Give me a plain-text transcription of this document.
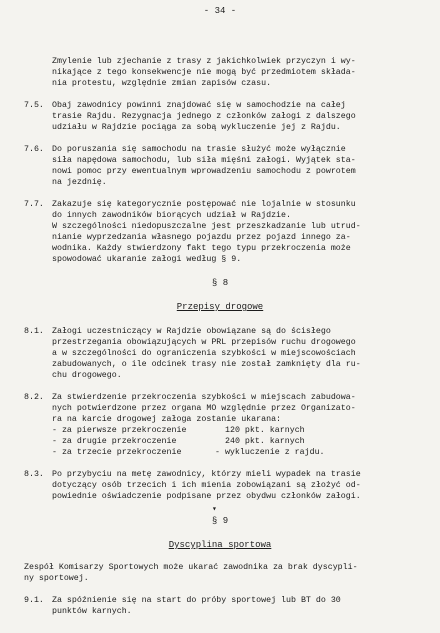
- 34 -
Zmylenie lub zjechanie z trasy z jakichkolwiek przyczyn i wy-
nikające z tego konsekwencje nie mogą być przedmiotem składa-
nia protestu, względnie zmian zapisów czasu.
7.5. Obaj zawodnicy powinni znajdować się w samochodzie na całej
trasie Rajdu. Rezygnacja jednego z członków załogi z dalszego
udziału w Rajdzie pociąga za sobą wykluczenie jej z Rajdu.
7.6. Do poruszania się samochodu na trasie służyć może wyłącznie
siła napędowa samochodu, lub siła mięśni załogi. Wyjątek sta-
nowi pomoc przy ewentualnym wprowadzeniu samochodu z powrotem
na jezdnię.
7.7. Zakazuje się kategorycznie postępować nie lojalnie w stosunku
do innych zawodników biorących udział w Rajdzie.
W szczególności niedopuszczalne jest przeszkadzanie lub utrud-
nianie wyprzedzania własnego pojazdu przez pojazd innego za-
wodnika. Każdy stwierdzony fakt tego typu przekroczenia może
spowodować ukaranie załogi według § 9.
§ 8
Przepisy drogowe
8.1. Załogi uczestniczący w Rajdzie obowiązane są do ścisłego
przestrzegania obowiązujących w PRL przepisów ruchu drogowego
a w szczególności do ograniczenia szybkości w miejscowościach
zabudowanych, o ile odcinek trasy nie został zamknięty dla ru-
chu drogowego.
8.2. Za stwierdzenie przekroczenia szybkości w miejscach zabudowa-
nych potwierdzone przez organa MO względnie przez Organizato-
ra na karcie drogowej załoga zostanie ukarana:
- za pierwsze przekroczenie	120 pkt. karnych
- za drugie przekroczenie	240 pkt. karnych
- za trzecie przekroczenie	- wykluczenie z rajdu.
8.3. Po przybyciu na metę zawodnicy, którzy mieli wypadek na trasie
dotyczący osób trzecich i ich mienia zobowiązani są złożyć od-
powiednie oświadczenie podpisane przez obydwu członków załogi.
▾
§ 9
Dyscyplina sportowa
Zespół Komisarzy Sportowych może ukarać zawodnika za brak dyscypli-
ny sportowej.
9.1. Za spóźnienie się na start do próby sportowej lub BT do 30
punktów karnych.
